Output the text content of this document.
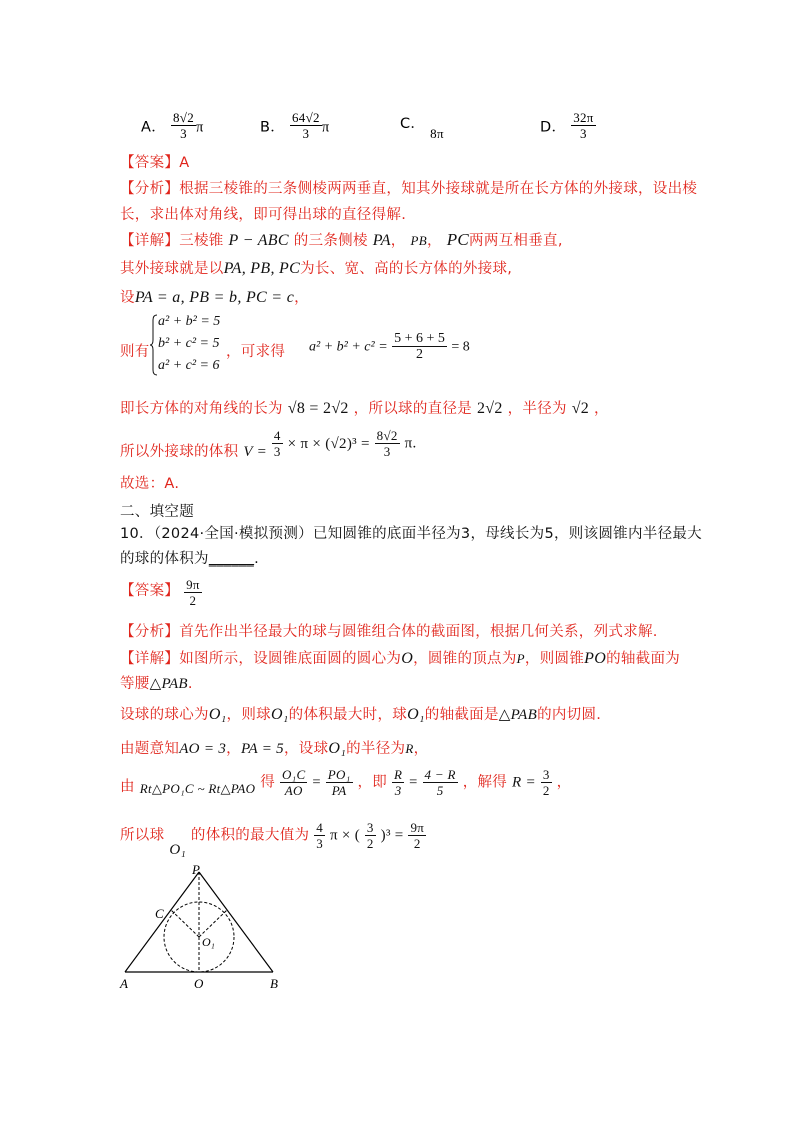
A． $\frac{8√2}{3}$ π	B． $\frac{64√2}{3}$ π	C． 8π	D． $\frac{32\pi}{3}$
【答案】A
【分析】根据三棱锥的三条侧棱两两垂直，知其外接球就是所在长方体的外接球，设出棱
长，求出体对角线，即可得出球的直径得解.
【详解】三棱锥 P − ABC 的三条侧棱 PA， PB， PC两两互相垂直,
其外接球就是以PA, PB, PC为长、宽、高的长方体的外接球,
设PA = a, PB = b, PC = c，
则有
a² + b² = 5
b² + c² = 5
a² + c² = 6
，可求得 $a^2 + b^2 + c^2 = \frac{5 + 6 + 5}{2} = 8$
即长方体的对角线的长为 √8 = 2√2 ，所以球的直径是 2√2 ，半径为 √2 ，
所以外接球的体积 $V = \frac{4}{3} \times \pi \times (√2)^3 = \frac{8√2}{3} \pi$.
故选：A.
二、填空题
10．（2024·全国·模拟预测）已知圆锥的底面半径为3，母线长为5，则该圆锥内半径最大
的球的体积为______.
【答案】 $\frac{9\pi}{2}$
【分析】首先作出半径最大的球与圆锥组合体的截面图，根据几何关系，列式求解.
【详解】如图所示，设圆锥底面圆的圆心为O，圆锥的顶点为P，则圆锥PO的轴截面为
等腰△PAB.
设球的球心为O₁，则球O₁的体积最大时，球O₁的轴截面是△PAB的内切圆.
由题意知AO = 3，PA = 5，设球O₁的半径为R，
由 Rt△PO₁C ~ Rt△PAO 得 $\frac{\text{O₁C}}{AO} = \frac{\text{PO₁}}{PA}$ ，即 $\frac{R}{3} = \frac{4 - R}{5}$ ，解得 $R = \frac{3}{2}$ ，
所以球 O₁ 的体积的最大值为 $\frac{4}{3}$ π × ( $\frac{3}{2} )^3 = \frac{9\pi}{2}$
P
C
O₁
A	O	B
